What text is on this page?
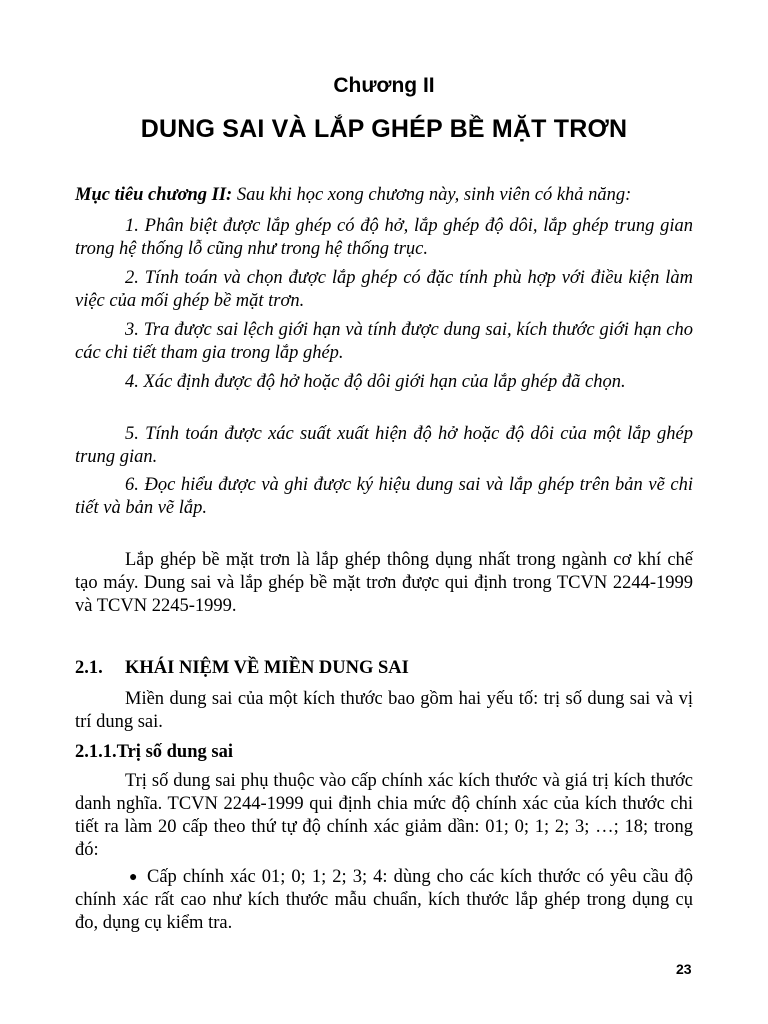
Chương II
DUNG SAI VÀ LẮP GHÉP BỀ MẶT TRƠN
Mục tiêu chương II: Sau khi học xong chương này, sinh viên có khả năng:
1. Phân biệt được lắp ghép có độ hở, lắp ghép độ dôi, lắp ghép trung gian trong hệ thống lỗ cũng như trong hệ thống trục.
2. Tính toán và chọn được lắp ghép có đặc tính phù hợp với điều kiện làm việc của mối ghép bề mặt trơn.
3. Tra được sai lệch giới hạn và tính được dung sai, kích thước giới hạn cho các chi tiết tham gia trong lắp ghép.
4. Xác định được độ hở hoặc độ dôi giới hạn của lắp ghép đã chọn.
5. Tính toán được xác suất xuất hiện độ hở hoặc độ dôi của một lắp ghép trung gian.
6. Đọc hiểu được và ghi được ký hiệu dung sai và lắp ghép trên bản vẽ chi tiết và bản vẽ lắp.
Lắp ghép bề mặt trơn là lắp ghép thông dụng nhất trong ngành cơ khí chế tạo máy. Dung sai và lắp ghép bề mặt trơn được qui định trong TCVN 2244-1999 và TCVN 2245-1999.
2.1. KHÁI NIỆM VỀ MIỀN DUNG SAI
Miền dung sai của một kích thước bao gồm hai yếu tố: trị số dung sai và vị trí dung sai.
2.1.1.Trị số dung sai
Trị số dung sai phụ thuộc vào cấp chính xác kích thước và giá trị kích thước danh nghĩa. TCVN 2244-1999 qui định chia mức độ chính xác của kích thước chi tiết ra làm 20 cấp theo thứ tự độ chính xác giảm dần: 01; 0; 1; 2; 3; …; 18; trong đó:
● Cấp chính xác 01; 0; 1; 2; 3; 4: dùng cho các kích thước có yêu cầu độ chính xác rất cao như kích thước mẫu chuẩn, kích thước lắp ghép trong dụng cụ đo, dụng cụ kiểm tra.
23
